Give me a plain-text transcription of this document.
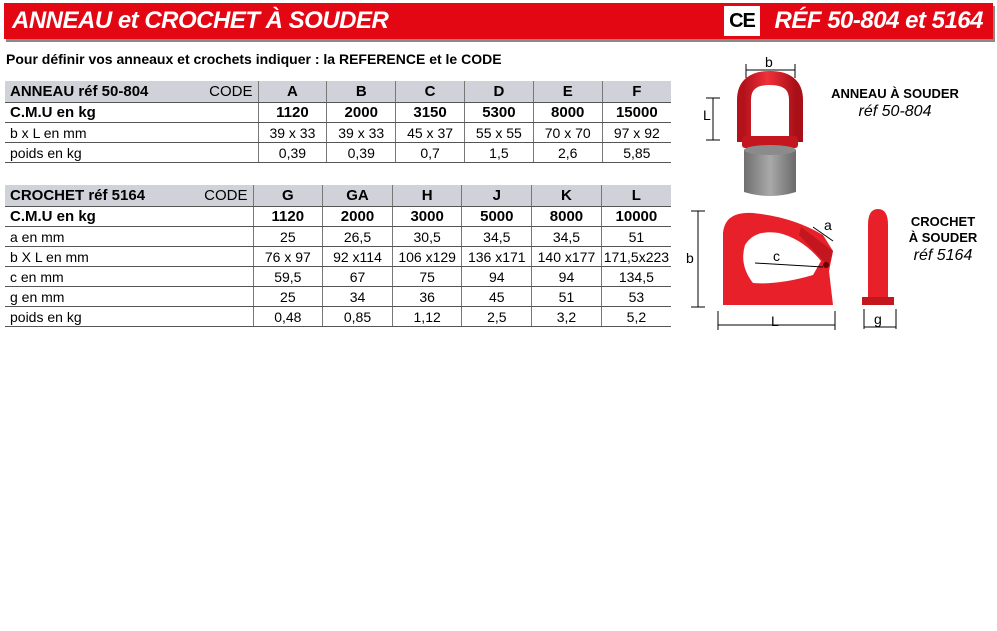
ANNEAU et CROCHET À SOUDER	CE RÉF 50-804 et 5164
Pour définir vos anneaux et crochets indiquer : la REFERENCE et le CODE
ANNEAU réf 50-804 CODE	A	B	C	D	E	F
C.M.U en kg	1120	2000	3150	5300	8000	15000
b x L en mm	39 x 33	39 x 33	45 x 37	55 x 55	70 x 70	97 x 92
poids en kg	0,39	0,39	0,7	1,5	2,6	5,85
CROCHET réf 5164 CODE	G	GA	H	J	K	L
C.M.U en kg	1120	2000	3000	5000	8000	10000
a en mm	25	26,5	30,5	34,5	34,5	51
b X L en mm	76 x 97	92 x114	106 x129	136 x171	140 x177	171,5x223
c en mm	59,5	67	75	94	94	134,5
g en mm	25	34	36	45	51	53
poids en kg	0,48	0,85	1,12	2,5	3,2	5,2
b
L
ANNEAU À SOUDER
réf 50-804
b	c
a
L	g
CROCHET
À SOUDER
réf 5164
